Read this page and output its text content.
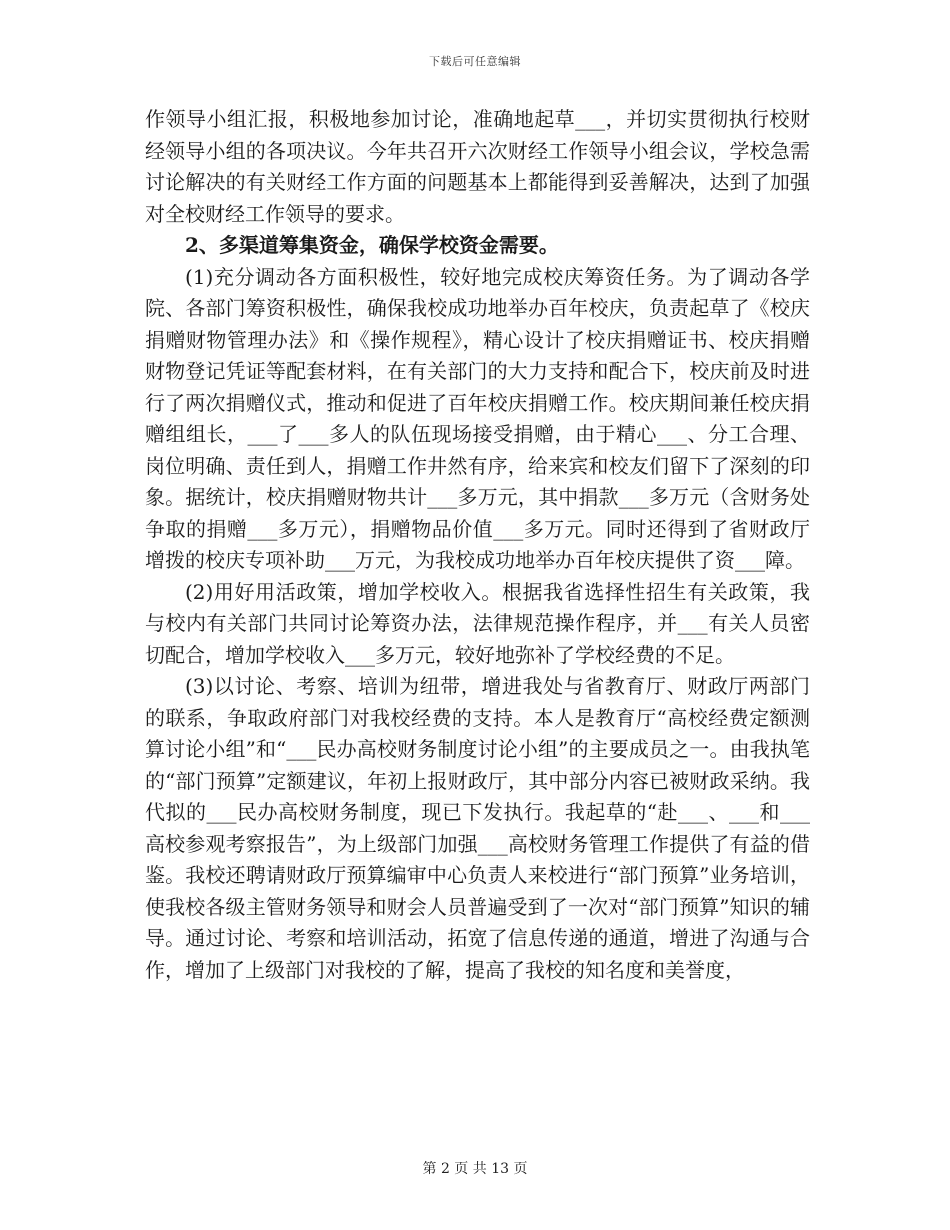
下载后可任意编辑

作领导小组汇报，积极地参加讨论，准确地起草___，并切实贯彻执行校财经领导小组的各项决议。今年共召开六次财经工作领导小组会议，学校急需讨论解决的有关财经工作方面的问题基本上都能得到妥善解决，达到了加强对全校财经工作领导的要求。

2、多渠道筹集资金，确保学校资金需要。

(1)充分调动各方面积极性，较好地完成校庆筹资任务。为了调动各学院、各部门筹资积极性，确保我校成功地举办百年校庆，负责起草了《校庆捐赠财物管理办法》和《操作规程》，精心设计了校庆捐赠证书、校庆捐赠财物登记凭证等配套材料，在有关部门的大力支持和配合下，校庆前及时进行了两次捐赠仪式，推动和促进了百年校庆捐赠工作。校庆期间兼任校庆捐赠组组长，___了___多人的队伍现场接受捐赠，由于精心___、分工合理、岗位明确、责任到人，捐赠工作井然有序，给来宾和校友们留下了深刻的印象。据统计，校庆捐赠财物共计___多万元，其中捐款___多万元（含财务处争取的捐赠___多万元），捐赠物品价值___多万元。同时还得到了省财政厅增拨的校庆专项补助___万元，为我校成功地举办百年校庆提供了资___障。

(2)用好用活政策，增加学校收入。根据我省选择性招生有关政策，我与校内有关部门共同讨论筹资办法，法律规范操作程序，并___有关人员密切配合，增加学校收入___多万元，较好地弥补了学校经费的不足。

(3)以讨论、考察、培训为纽带，增进我处与省教育厅、财政厅两部门的联系，争取政府部门对我校经费的支持。本人是教育厅“高校经费定额测算讨论小组”和“___民办高校财务制度讨论小组”的主要成员之一。由我执笔的“部门预算”定额建议，年初上报财政厅，其中部分内容已被财政采纳。我代拟的___民办高校财务制度，现已下发执行。我起草的“赴___、___和___高校参观考察报告”，为上级部门加强___高校财务管理工作提供了有益的借鉴。我校还聘请财政厅预算编审中心负责人来校进行“部门预算”业务培训，使我校各级主管财务领导和财会人员普遍受到了一次对“部门预算”知识的辅导。通过讨论、考察和培训活动，拓宽了信息传递的通道，增进了沟通与合作，增加了上级部门对我校的了解，提高了我校的知名度和美誉度，

第 2 页 共 13 页
